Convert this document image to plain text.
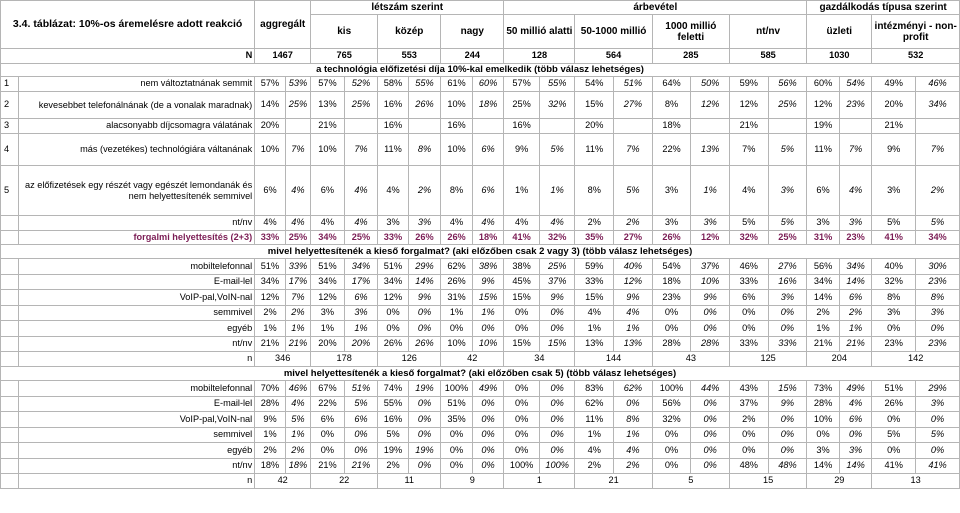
3.4. táblázat: 10%-os áremelésre adott reakció		aggregált		létszám szerint						árbevétel								gazdálkodás típusa szerint			
				kis		közép		nagy		50 millió alatti		50-1000 millió		1000 millió feletti		nt/nv		üzleti		intézményi - non-profit	

N		1467		765		553		244		128		564		285		585		1030		532	
a technológia előfizetési díja 10%-kal emelkedik (több válasz lehetséges)																					
1	nem változtatnának semmit	57%	53%	57%	52%	58%	55%	61%	60%	57%	55%	54%	51%	64%	50%	59%	56%	60%	54%	49%	46%
2	kevesebbet telefonálnának (de a vonalak maradnak)	14%	25%	13%	25%	16%	26%	10%	18%	25%	32%	15%	27%	8%	12%	12%	25%	12%	23%	20%	34%
3	alacsonyabb díjcsomagra válatának	20%		21%		16%		16%		16%		20%		18%		21%		19%		21%	
4	más (vezetékes) technológiára váltanának	10%	7%	10%	7%	11%	8%	10%	6%	9%	5%	11%	7%	22%	13%	7%	5%	11%	7%	9%	7%
5	az előfizetések egy részét vagy egészét lemondanák és nem helyettesítenék semmivel	6%	4%	6%	4%	4%	2%	8%	6%	1%	1%	8%	5%	3%	1%	4%	3%	6%	4%	3%	2%
	nt/nv	4%	4%	4%	4%	3%	3%	4%	4%	4%	4%	2%	2%	3%	3%	5%	5%	3%	3%	5%	5%
	forgalmi helyettesítés (2+3)	33%	25%	34%	25%	33%	26%	26%	18%	41%	32%	35%	27%	26%	12%	32%	25%	31%	23%	41%	34%
mivel helyettesítenék a kieső forgalmat? (aki előzőben csak 2 vagy 3) (több válasz lehetséges)																					
	mobiltelefonnal	51%	33%	51%	34%	51%	29%	62%	38%	38%	25%	59%	40%	54%	37%	46%	27%	56%	34%	40%	30%
	E-mail-lel	34%	17%	34%	17%	34%	14%	26%	9%	45%	37%	33%	12%	18%	10%	33%	16%	34%	14%	32%	23%
	VoIP-pal,VoIN-nal	12%	7%	12%	6%	12%	9%	31%	15%	15%	9%	15%	9%	23%	9%	6%	3%	14%	6%	8%	8%
	semmivel	2%	2%	3%	3%	0%	0%	1%	1%	0%	0%	4%	4%	0%	0%	0%	0%	2%	2%	3%	3%
	egyéb	1%	1%	1%	1%	0%	0%	0%	0%	0%	0%	1%	1%	0%	0%	0%	0%	1%	1%	0%	0%
	nt/nv	21%	21%	20%	20%	26%	26%	10%	10%	15%	15%	13%	13%	28%	28%	33%	33%	21%	21%	23%	23%
	n	346		178		126		42		34		144		43		125		204		142	
mivel helyettesítenék a kieső forgalmat? (aki előzőben csak 5) (több válasz lehetséges)																					
	mobiltelefonnal	70%	46%	67%	51%	74%	19%	100%	49%	0%	0%	83%	62%	100%	44%	43%	15%	73%	49%	51%	29%
	E-mail-lel	28%	4%	22%	5%	55%	0%	51%	0%	0%	0%	62%	0%	56%	0%	37%	9%	28%	4%	26%	3%
	VoIP-pal,VoIN-nal	9%	5%	6%	6%	16%	0%	35%	0%	0%	0%	11%	8%	32%	0%	2%	0%	10%	6%	0%	0%
	semmivel	1%	1%	0%	0%	5%	0%	0%	0%	0%	0%	1%	1%	0%	0%	0%	0%	0%	0%	5%	5%
	egyéb	2%	2%	0%	0%	19%	19%	0%	0%	0%	0%	4%	4%	0%	0%	0%	0%	3%	3%	0%	0%
	nt/nv	18%	18%	21%	21%	2%	0%	0%	0%	100%	100%	2%	2%	0%	0%	48%	48%	14%	14%	41%	41%
	n	42		22		11		9		1		21		5		15		29		13	
